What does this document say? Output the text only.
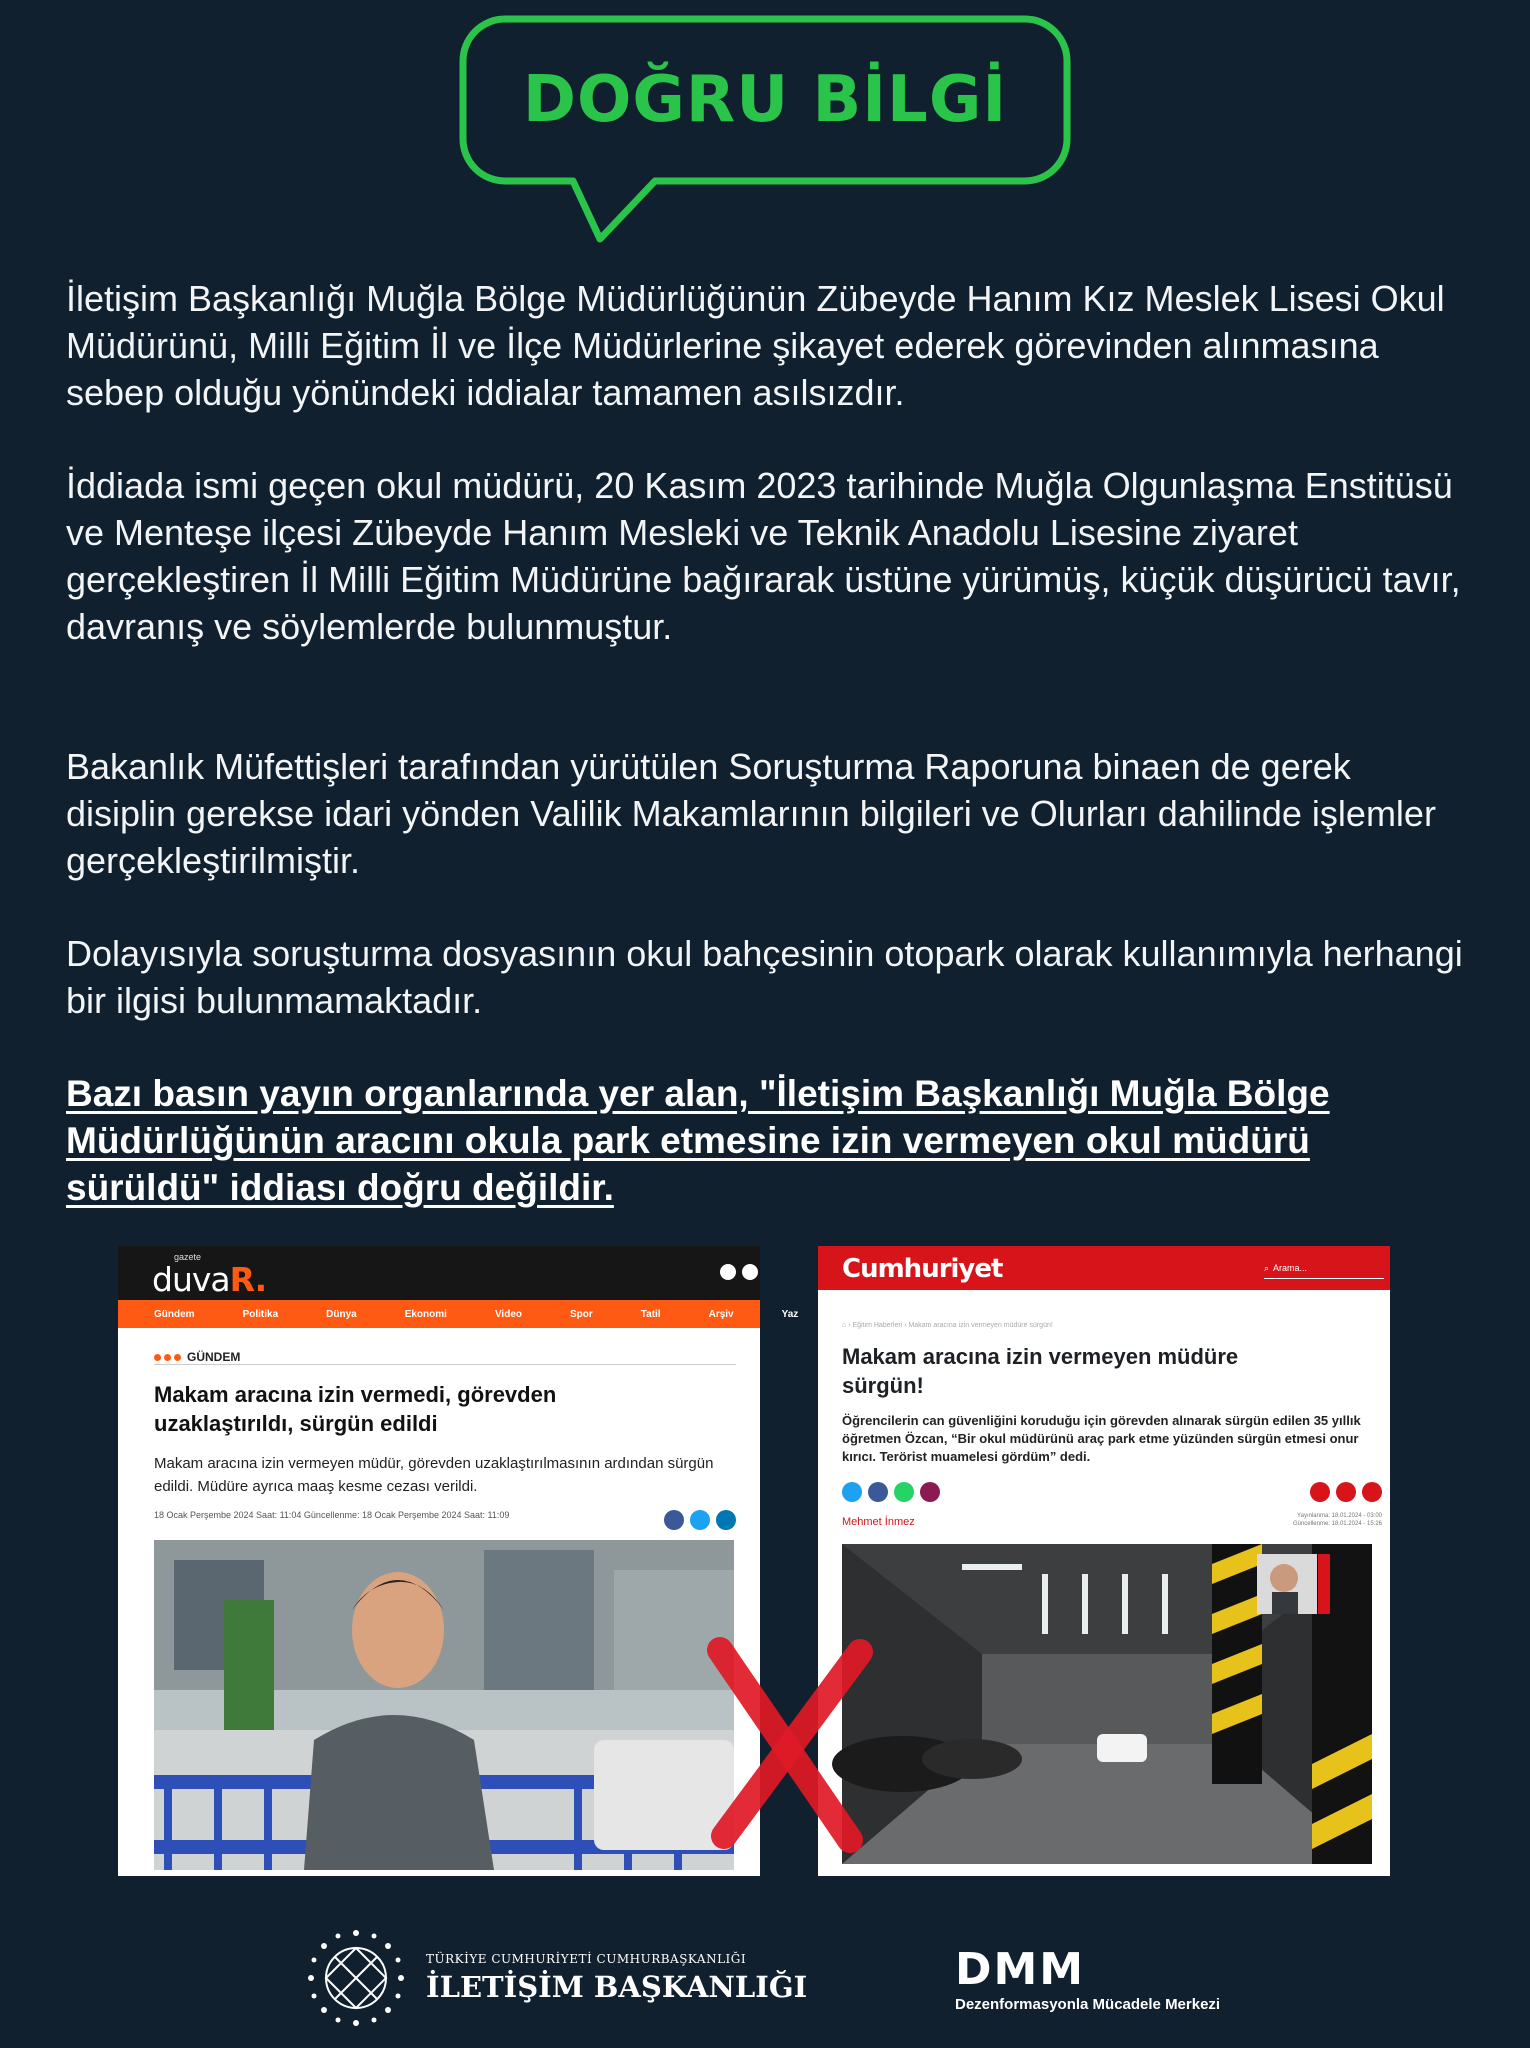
DOĞRU BİLGİ

İletişim Başkanlığı Muğla Bölge Müdürlüğünün Zübeyde Hanım Kız Meslek Lisesi Okul Müdürünü, Milli Eğitim İl ve İlçe Müdürlerine şikayet ederek görevinden alınmasına sebep olduğu yönündeki iddialar tamamen asılsızdır.

İddiada ismi geçen okul müdürü, 20 Kasım 2023 tarihinde Muğla Olgunlaşma Enstitüsü ve Menteşe ilçesi Zübeyde Hanım Mesleki ve Teknik Anadolu Lisesine ziyaret gerçekleştiren İl Milli Eğitim Müdürüne bağırarak üstüne yürümüş, küçük düşürücü tavır, davranış ve söylemlerde bulunmuştur.

Bakanlık Müfettişleri tarafından yürütülen Soruşturma Raporuna binaen de gerek disiplin gerekse idari yönden Valilik Makamlarının bilgileri ve Olurları dahilinde işlemler gerçekleştirilmiştir.

Dolayısıyla soruşturma dosyasının okul bahçesinin otopark olarak kullanımıyla herhangi bir ilgisi bulunmamaktadır.

Bazı basın yayın organlarında yer alan, "İletişim Başkanlığı Muğla Bölge Müdürlüğünün aracını okula park etmesine izin vermeyen okul müdürü sürüldü" iddiası doğru değildir.

gazete
duvaR.
Gündem	Politika	Dünya	Ekonomi	Video	Spor	Tatil	Arşiv	Yaz
GÜNDEM
Makam aracına izin vermedi, görevden uzaklaştırıldı, sürgün edildi
Makam aracına izin vermeyen müdür, görevden uzaklaştırılmasının ardından sürgün edildi. Müdüre ayrıca maaş kesme cezası verildi.
18 Ocak Perşembe 2024 Saat: 11:04 Güncellenme: 18 Ocak Perşembe 2024 Saat: 11:09
Cumhuriyet	⌕ Arama...
⌂ › Eğitim Haberleri › Makam aracına izin vermeyen müdüre sürgün!
Makam aracına izin vermeyen müdüre sürgün!
Öğrencilerin can güvenliğini koruduğu için görevden alınarak sürgün edilen 35 yıllık öğretmen Özcan, “Bir okul müdürünü araç park etme yüzünden sürgün etmesi onur kırıcı. Terörist muamelesi gördüm” dedi.
Mehmet İnmez	Yayınlanma: 18.01.2024 - 03:00
Güncellenme: 18.01.2024 - 15:26
TÜRKİYE CUMHURİYETİ CUMHURBAŞKANLIĞI
İLETİŞİM BAŞKANLIĞI	DMM
Dezenformasyonla Mücadele Merkezi
